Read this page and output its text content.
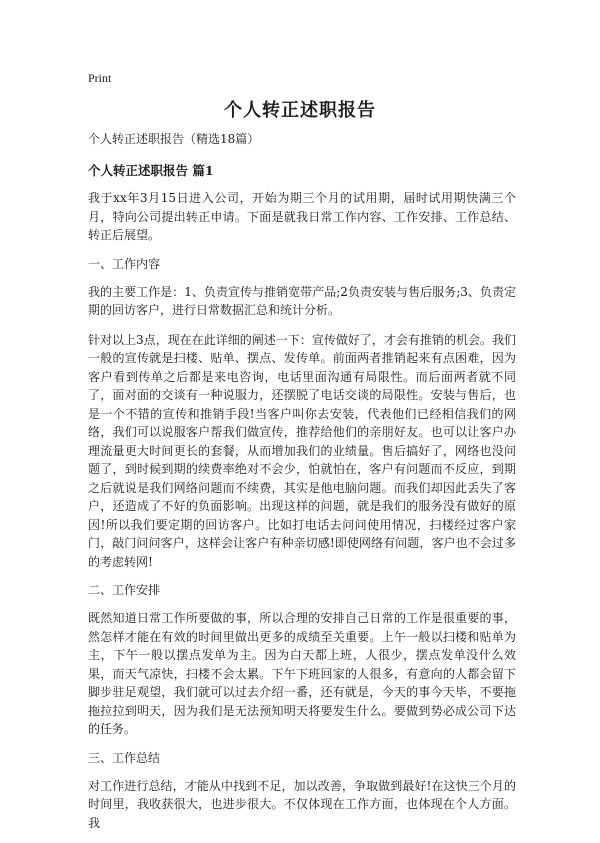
Print
个人转正述职报告

个人转正述职报告（精选18篇）

个人转正述职报告 篇1

我于xx年3月15日进入公司，开始为期三个月的试用期，届时试用期快满三个月，特向公司提出转正申请。下面是就我日常工作内容、工作安排、工作总结、转正后展望。

一、工作内容

我的主要工作是：1、负责宣传与推销宽带产品;2负责安装与售后服务;3、负责定期的回访客户，进行日常数据汇总和统计分析。

针对以上3点，现在在此详细的阐述一下：宣传做好了，才会有推销的机会。我们一般的宣传就是扫楼、贴单、摆点、发传单。前面两者推销起来有点困难，因为客户看到传单之后都是来电咨询，电话里面沟通有局限性。而后面两者就不同了，面对面的交谈有一种说服力，还摆脱了电话交谈的局限性。安装与售后，也是一个不错的宣传和推销手段!当客户叫你去安装，代表他们已经相信我们的网络，我们可以说服客户帮我们做宣传，推荐给他们的亲朋好友。也可以让客户办理流量更大时间更长的套餐，从而增加我们的业绩量。售后搞好了，网络也没问题了，到时候到期的续费率绝对不会少，怕就怕在，客户有问题而不反应，到期之后就说是我们网络问题而不续费，其实是他电脑问题。而我们却因此丢失了客户，还造成了不好的负面影响。出现这样的问题，就是我们的服务没有做好的原因!所以我们要定期的回访客户。比如打电话去问问使用情况，扫楼经过客户家门，敲门问问客户，这样会让客户有种亲切感!即使网络有问题，客户也不会过多的考虑转网!

二、工作安排

既然知道日常工作所要做的事，所以合理的安排自己日常的工作是很重要的事，然怎样才能在有效的时间里做出更多的成绩至关重要。上午一般以扫楼和贴单为主，下午一般以摆点发单为主。因为白天都上班，人很少，摆点发单没什么效果，而天气凉快，扫楼不会太累。下午下班回家的人很多，有意向的人都会留下脚步驻足观望，我们就可以过去介绍一番，还有就是，今天的事今天毕，不要拖拖拉拉到明天，因为我们是无法预知明天将要发生什么。要做到势必成公司下达的任务。

三、工作总结

对工作进行总结，才能从中找到不足，加以改善，争取做到最好!在这快三个月的时间里，我收获很大，也进步很大。不仅体现在工作方面，也体现在个人方面。我
